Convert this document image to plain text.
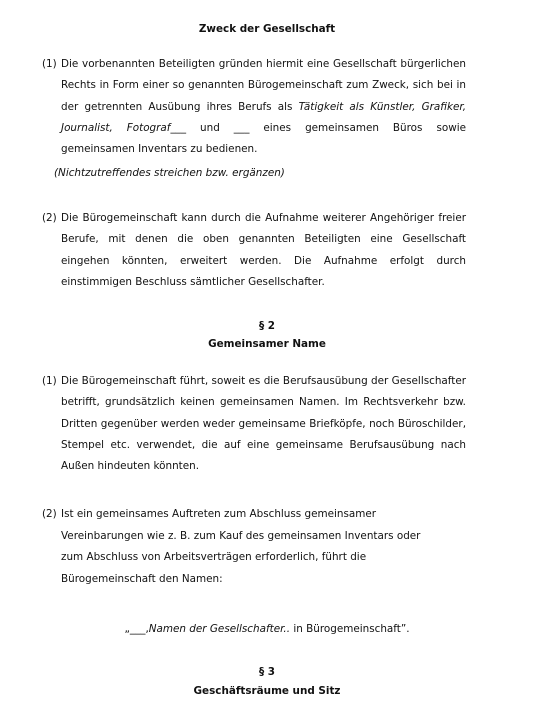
Zweck der Gesellschaft
(1) Die vorbenannten Beteiligten gründen hiermit eine Gesellschaft bürgerlichen Rechts in Form einer so genannten Bürogemeinschaft zum Zweck, sich bei in der getrennten Ausübung ihres Berufs als Tätigkeit als Künstler, Grafiker, Journalist, Fotograf___ und ___ eines gemeinsamen Büros sowie gemeinsamen Inventars zu bedienen.
(Nichtzutreffendes streichen bzw. ergänzen)
(2) Die Bürogemeinschaft kann durch die Aufnahme weiterer Angehöriger freier Berufe, mit denen die oben genannten Beteiligten eine Gesellschaft eingehen könnten, erweitert werden. Die Aufnahme erfolgt durch einstimmigen Beschluss sämtlicher Gesellschafter.
§ 2
Gemeinsamer Name
(1) Die Bürogemeinschaft führt, soweit es die Berufsausübung der Gesellschafter betrifft, grundsätzlich keinen gemeinsamen Namen. Im Rechtsverkehr bzw. Dritten gegenüber werden weder gemeinsame Briefköpfe, noch Büroschilder, Stempel etc. verwendet, die auf eine gemeinsame Berufsausübung nach Außen hindeuten könnten.
(2) Ist ein gemeinsames Auftreten zum Abschluss gemeinsamer
Vereinbarungen wie z. B. zum Kauf des gemeinsamen Inventars oder
zum Abschluss von Arbeitsverträgen erforderlich, führt die
Bürogemeinschaft den Namen:
„___,Namen der Gesellschafter.. in Bürogemeinschaft”.
§ 3
Geschäftsräume und Sitz
